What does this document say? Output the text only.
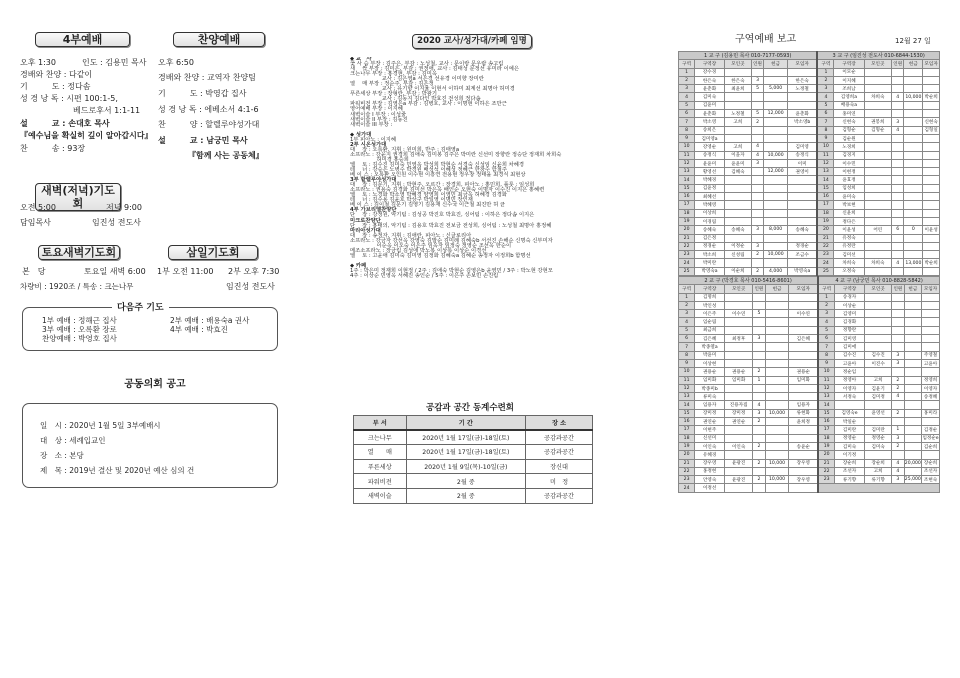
4부예배
오후 1:30	인도 : 김용민 목사
경배와 찬양 : 다같이
기　　　도 : 정다솜
성 경 낭 독 : 시편 100:1-5,
베드로후서 1:1-11
설　　　교 : 손대호 목사
『예수님을 확실히 깊이 알아갑시다』
찬　　　송 : 93장
찬양예배
오후 6:50
경배와 찬양 : 교역자 찬양팀
기　　　도 : 박영갑 집사
성 경 낭 독 : 에베소서 4:1-6
찬　　　양 : 할렐루야성가대
설　　　교 : 남궁민 목사
『함께 사는 공동체』
새벽(저녁)기도회
오전 5:00	저녁 9:00
담임목사	임진성 전도사
토요새벽기도회	삼일기도회
본　당	토요일 새벽 6:00 1부 오전 11:00 2부 오후 7:30
차량비 : 1920조 / 특송 : 크는나무	임진성 전도사
다음주 기도
1부 예배 : 정해근 집사
3부 예배 : 오록환 장로
찬양예배 : 박영호 집사
2부 예배 : 배용숙a 권사
4부 예배 : 박효진
공동의회 공고
일　시 : 2020년 1월 5일 3부예배시
대　상 : 세례입교인
장　소 : 본당
제　목 : 2019년 결산 및 2020년 예산 심의 건
2020 교사/성가대/카페 임명
◆ 교　사
꽃 사 슴 부장 : 김주은, 부감 : 노성철, 교사 : 문이랑 문우람 송고림
새　 싹 부장 : 김미은, 부감 : 권정애, 교사 : 김태성 문정선 유미라 이예은
크는나무 부장 : 홍경현, 부감 : 김미옥
　　　　　　교사 : 김은영a 서은경 선유경 이미향 장미란
열　 매 부장 : 정순주, 부감 : 김은정
　　　　　　교사 : 유기향 이지율 이현서 이하미 최계선 최명아 허미경
푸른세상 부장 : 장형란, 부감 : 박광기
　　　　　　교사 : 김동지 김다인 박효진 전성희 정다솜
파워비전 부장 : 김영은a 부감 : 김병호, 교사 : 이명현 이하은 조만근
영어예배 부장 : 이지혜
새벽이슬 I 부장 : 이성줄
새벽이슬 II 부장 : 김동진
새벽이슬 III 부장 :

◆ 성가대
1부 피아노 : 이지혜
2부 시온성가대
대　 장 : 오록환, 지휘 : 원미희, 반주 : 김태영a
소프라노 : 강윤지 권경희 김애숙 김미봉 김주은 박미란 신선미 장향란 정승단 정재희 차희숙
　　　　　허미경 홍승희
엘　 토 : 김수진 김미숙 민영옥 박성희 박현순 서경숙 신성임 신윤희 차혜경
테　 너 : 강승은 노병수 박경원 배성석 이혜성 정혜근 한창수 함철주
베 이 스 : 오록환 오인원 이수현 이흥연 전용현 정우창 정태을 최경식 최현상
3부 할렐루야성가대
대　 장 : 김문기, 지휘 : 박현주, 오르간 : 장경희, 피아노 : 홍민희, 플룻 : 임성희
소프라노 : 권용숙 김경화 김미선 박은옥 배인순 오현숙 이명자 이수진 이지은 홍혜련
엘　 토 : 노경화 박소영 박혜경 양영희 이영민 최금옥 허혜경 김경화
테　 너 : 김수용 김윤호 박상구 박일영 이명민 장인재
베 이 스 : 김이철 김문기 김영기 김용재 신수국 이근철 최진만 허 균
4부 가브리엘찬양단
단　 장 : 강정원, 악기팀 : 김성공 박진호 박효진, 싱어팀 : 이하은 정다솜 이지은
미크로찬양단
단　 장 : 홍태의, 악기팀 : 김용호 박효진 전보금 전성희, 싱어팀 : 노성철 최명아 홍정혜
마리아성가대
대　 장 : 송정자, 지휘 : 김애란, 피아노 : 신클로리아
소프라노 : 강금자 강선옥 강영숙 김말순 김미례 김혜숙b 서선진 손해순 신명숙 신부미자
　　　　　이순옥 이오숙 이은주 임옥자 임정숙 정영순 조선옥 한순이
메조소프라노 : 장금림 김성애 박노복 이상록 이상순 이경선
엘　 토 : 고윤애 김미숙 김미영 김정화 김혜숙a 김혜순 송정자 이정희b 함명선

◆ 카페
1주 : 박은미 정재희 이현정 / 2주 : 김애숙 박현순 김영은b 윤영민 / 3주 : 박노현 강현모
4주 : 이상순 민영옥 서혜진 송인순 / 5주 : 이은주 손보민 손진림
공감과 공간 동계수련회
부 서	기 간	장 소
크는나무	2020년 1월 17일(금)-18일(토)	공감과공간
열　　매	2020년 1월 17일(금)-18일(토)	공감과공간
푸른세상	2020년 1월 9일(목)-10일(금)	장신대
파워비전	2월 중	미　정
새벽이슬	2월 중	공감과공간
구역예배 보고	12월 27 일
1 교 구 (김용민 목사 010-7177-0593)						3 교 구 (임진성 전도사 010-6844-1530)					
구역	구역장	모인곳	인원	헌금	모임자	구역	구역장	모인곳	인원	헌금	모임자
1	강수경					1	이모순				
2	한은숙	한은숙	3		한은숙	2	이지혜				
3	윤춘화	최윤희	5	5,000	노정철	3	조희남				
4	김미숙					4	김영희a	차희숙	4	10,000	박순희
5	김윤미					5	배용숙a				
6	윤춘화	노정철	5	12,000	윤춘화	6	홍미연				
7	박소영	고희	2		박소영b	7	신현숙	권봉희	3		신현숙
8	송희은					8	김형순	김형순	4		김형일
9	김미영a					9	김순원				
10	강영순	고희	4		김미영	10	노경희				
11	송정식	이을자	4	10,000	송정식	11	김경지				
12	윤윤미	윤윤미	3		이미	12	이수민				
13	황영선	김혜숙		12,000	권영이	13	이현정				
14	박혜경					14	윤효정				
15	김윤정					15	임성희				
16	최혜선					16	윤미숙				
17	박혜영					17	박보현				
18	이상희					18	신윤희				
19	이경림					19	정다은				
20	송혜숙	송혜숙	3	8,000	송혜숙	20	이윤성	어린	6	0	이윤성
21	김은정					21	유정숙				
22	정경순	이정순	3		정경순	22	유정란				
23	박소희	신성림	2	10,000	조금수	23	김미선				
24	박미란					24	차희숙	차희숙	4	13,000	박순희
25	박영숙a	이순희	2	4,000	박영숙a	25	오정숙				
2 교 구 (박경호 목사 010-5416-8601)						4 교 구 (남궁민 목사 010-8828-5842)					
구역	구역장	모인곳	인원	헌금	모임자	구역	구역장	모인곳	인원	헌금	모임자
1	김명희					1	송경자				
2	박인성					2	이상순				
3	이은주	이수연	5		이수연	3	김영미				
4	임순림					4	김경화				
5	최금희					5	정향란				
6	김은혜	최정후	3		김은혜	6	김미영				
7	박종열a					7	김미애				
8	박윤미					8	김수진	김수진	3		주영철
9	이상현					9	고윤아	이진수	3		고윤아
10	권용순	권용순	2		권용순	10	정순임				
11	임미화	임미화	1		임미화	11	정영아	고희	2		정영희
12	박종미b					12	이영자	김윤기	2		이영자
13	류미숙					13	서정숙	김미정	4		송정혜
14	임용자	진용자집	4		임용자	14					
15	장미정	장미정	3	10,000	류현화	15	김영숙e	윤영선	2		홍미라
16	권연순	권연순	2		윤희정	16	박일순				
17	이현주					17	김미란	김미란	1		김정순
18	신선미					18	정영순	정영순	3		임정순e
19	이인숙	이인숙	2		송윤순	19	김미숙	김미숙	2		김순희
20	유혜경					20	이기정				
21	장우영	윤광진	2	10,000	장우영	21	장순희	장순희	4	20,000	장순희
22	홍정현					22	조선자	고희	4		조선자
23	안영숙	윤광진	2	10,000	장우영	23	류기향	류기향	3	25,000	조현숙
24	이정선										
